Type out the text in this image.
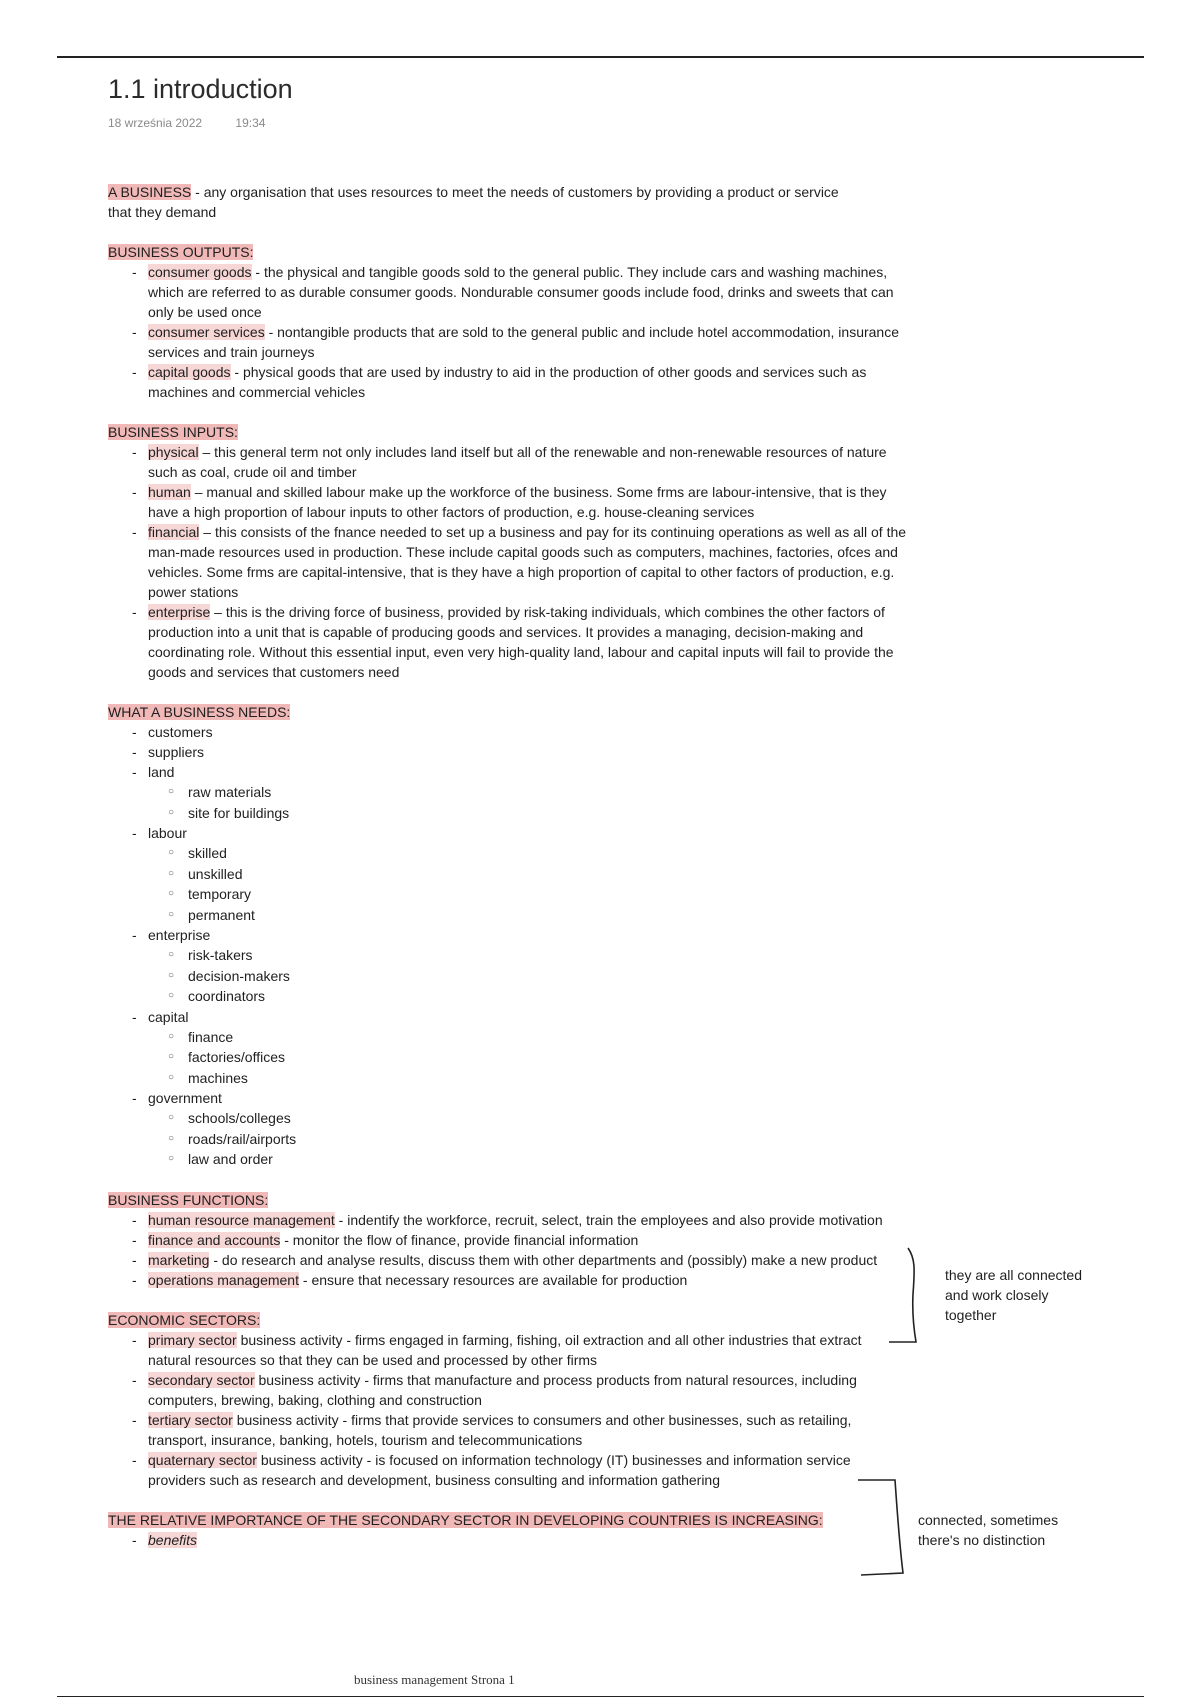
1.1 introduction
18 września 2022	19:34

A BUSINESS - any organisation that uses resources to meet the needs of customers by providing a product or service that they demand

BUSINESS OUTPUTS:

- consumer goods - the physical and tangible goods sold to the general public. They include cars and washing machines, which are referred to as durable consumer goods. Nondurable consumer goods include food, drinks and sweets that can only be used once
- consumer services - nontangible products that are sold to the general public and include hotel accommodation, insurance services and train journeys
- capital goods - physical goods that are used by industry to aid in the production of other goods and services such as machines and commercial vehicles

BUSINESS INPUTS:

- physical – this general term not only includes land itself but all of the renewable and non-renewable resources of nature such as coal, crude oil and timber
- human – manual and skilled labour make up the workforce of the business. Some frms are labour-intensive, that is they have a high proportion of labour inputs to other factors of production, e.g. house-cleaning services
- financial – this consists of the fnance needed to set up a business and pay for its continuing operations as well as all of the man-made resources used in production. These include capital goods such as computers, machines, factories, ofces and vehicles. Some frms are capital-intensive, that is they have a high proportion of capital to other factors of production, e.g. power stations
- enterprise – this is the driving force of business, provided by risk-taking individuals, which combines the other factors of production into a unit that is capable of producing goods and services. It provides a managing, decision-making and coordinating role. Without this essential input, even very high-quality land, labour and capital inputs will fail to provide the goods and services that customers need

WHAT A BUSINESS NEEDS:

- customers
- suppliers
- land
○ raw materials
○ site for buildings
- labour
○ skilled
○ unskilled
○ temporary
○ permanent
- enterprise
○ risk-takers
○ decision-makers
○ coordinators
- capital
○ finance
○ factories/offices
○ machines
- government
○ schools/colleges
○ roads/rail/airports
○ law and order

BUSINESS FUNCTIONS:

- human resource management - indentify the workforce, recruit, select, train the employees and also provide motivation
- finance and accounts - monitor the flow of finance, provide financial information
- marketing - do research and analyse results, discuss them with other departments and (possibly) make a new product
- operations management - ensure that necessary resources are available for production

ECONOMIC SECTORS:

- primary sector business activity - firms engaged in farming, fishing, oil extraction and all other industries that extract natural resources so that they can be used and processed by other firms
- secondary sector business activity - firms that manufacture and process products from natural resources, including computers, brewing, baking, clothing and construction
- tertiary sector business activity - firms that provide services to consumers and other businesses, such as retailing, transport, insurance, banking, hotels, tourism and telecommunications
- quaternary sector business activity - is focused on information technology (IT) businesses and information service providers such as research and development, business consulting and information gathering

THE RELATIVE IMPORTANCE OF THE SECONDARY SECTOR IN DEVELOPING COUNTRIES IS INCREASING:

- benefits
they are all connected and work closely together
connected, sometimes there's no distinction
business management Strona 1
